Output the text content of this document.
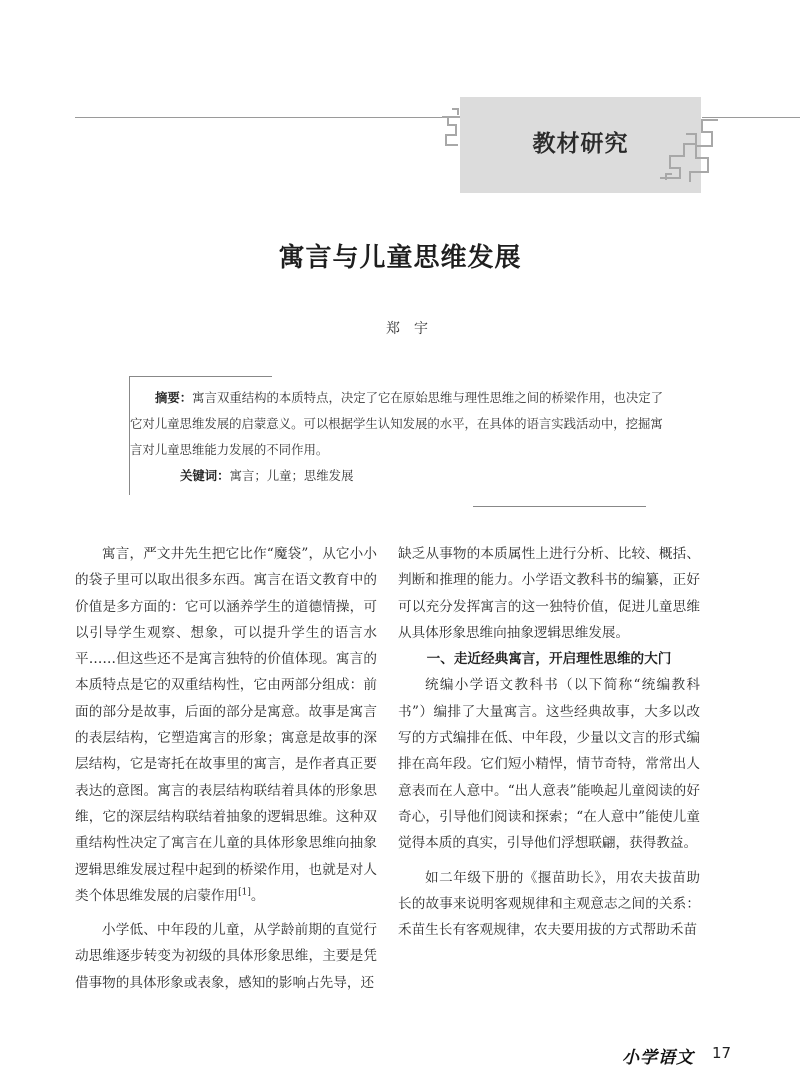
教材研究
寓言与儿童思维发展
郑宇

摘要：寓言双重结构的本质特点，决定了它在原始思维与理性思维之间的桥梁作用，也决定了它对儿童思维发展的启蒙意义。可以根据学生认知发展的水平，在具体的语言实践活动中，挖掘寓言对儿童思维能力发展的不同作用。

关键词：寓言；儿童；思维发展

寓言，严文井先生把它比作“魔袋”，从它小小的袋子里可以取出很多东西。寓言在语文教育中的价值是多方面的：它可以涵养学生的道德情操，可以引导学生观察、想象，可以提升学生的语言水平……但这些还不是寓言独特的价值体现。寓言的本质特点是它的双重结构性，它由两部分组成：前面的部分是故事，后面的部分是寓意。故事是寓言的表层结构，它塑造寓言的形象；寓意是故事的深层结构，它是寄托在故事里的寓言，是作者真正要表达的意图。寓言的表层结构联结着具体的形象思维，它的深层结构联结着抽象的逻辑思维。这种双重结构性决定了寓言在儿童的具体形象思维向抽象逻辑思维发展过程中起到的桥梁作用，也就是对人类个体思维发展的启蒙作用[1]。

小学低、中年段的儿童，从学龄前期的直觉行动思维逐步转变为初级的具体形象思维，主要是凭借事物的具体形象或表象，感知的影响占先导，还

缺乏从事物的本质属性上进行分析、比较、概括、判断和推理的能力。小学语文教科书的编纂，正好可以充分发挥寓言的这一独特价值，促进儿童思维从具体形象思维向抽象逻辑思维发展。

一、走近经典寓言，开启理性思维的大门

统编小学语文教科书（以下简称“统编教科书”）编排了大量寓言。这些经典故事，大多以改写的方式编排在低、中年段，少量以文言的形式编排在高年段。它们短小精悍，情节奇特，常常出人意表而在人意中。“出人意表”能唤起儿童阅读的好奇心，引导他们阅读和探索；“在人意中”能使儿童觉得本质的真实，引导他们浮想联翩，获得教益。

如二年级下册的《揠苗助长》，用农夫拔苗助长的故事来说明客观规律和主观意志之间的关系：禾苗生长有客观规律，农夫要用拔的方式帮助禾苗

小学语文 17
